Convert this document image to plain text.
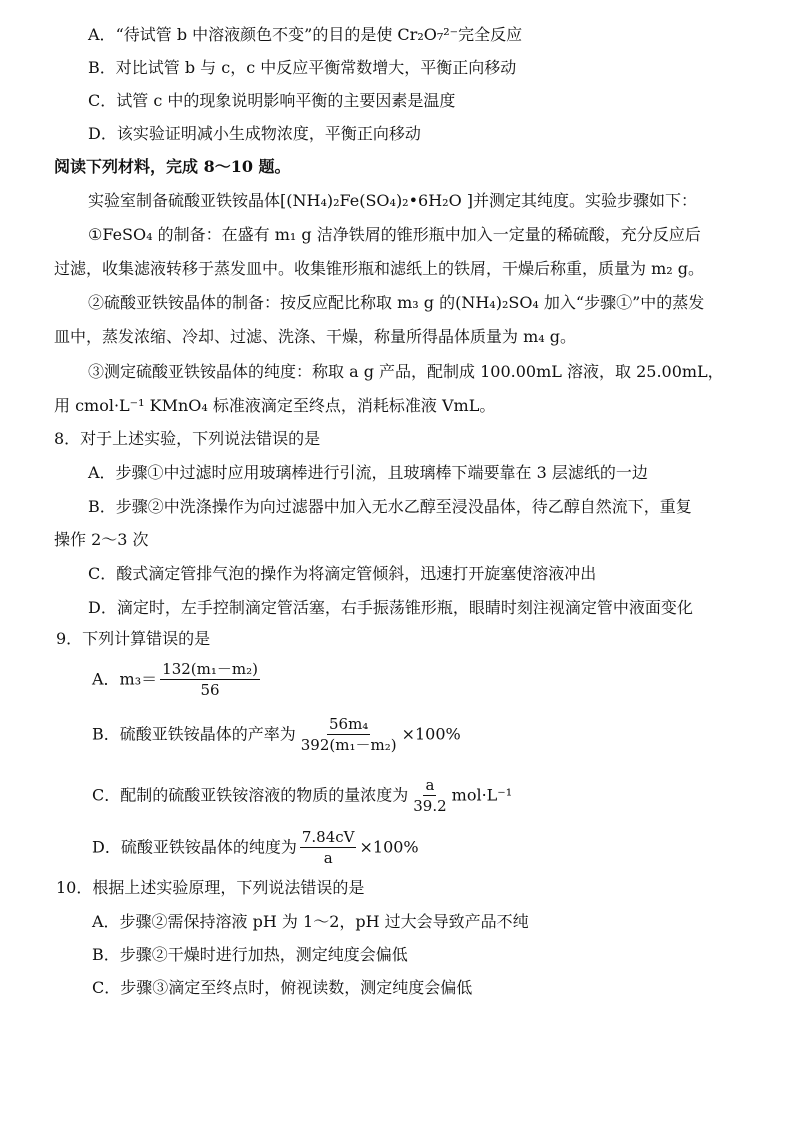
A．“待试管 b 中溶液颜色不变”的目的是使 Cr₂O₇²⁻完全反应
B．对比试管 b 与 c，c 中反应平衡常数增大，平衡正向移动
C．试管 c 中的现象说明影响平衡的主要因素是温度
D．该实验证明减小生成物浓度，平衡正向移动
阅读下列材料，完成 8～10 题。
实验室制备硫酸亚铁铵晶体[(NH₄)₂Fe(SO₄)₂•6H₂O ]并测定其纯度。实验步骤如下：
①FeSO₄ 的制备：在盛有 m₁ g 洁净铁屑的锥形瓶中加入一定量的稀硫酸，充分反应后
过滤，收集滤液转移于蒸发皿中。收集锥形瓶和滤纸上的铁屑，干燥后称重，质量为 m₂ g。
②硫酸亚铁铵晶体的制备：按反应配比称取 m₃ g 的(NH₄)₂SO₄ 加入“步骤①”中的蒸发
皿中，蒸发浓缩、冷却、过滤、洗涤、干燥，称量所得晶体质量为 m₄ g。
③测定硫酸亚铁铵晶体的纯度：称取 a g 产品，配制成 100.00mL 溶液，取 25.00mL，
用 cmol·L⁻¹ KMnO₄ 标准液滴定至终点，消耗标准液 VmL。
8．对于上述实验，下列说法错误的是
A．步骤①中过滤时应用玻璃棒进行引流，且玻璃棒下端要靠在 3 层滤纸的一边
B．步骤②中洗涤操作为向过滤器中加入无水乙醇至浸没晶体，待乙醇自然流下，重复
操作 2～3 次
C．酸式滴定管排气泡的操作为将滴定管倾斜，迅速打开旋塞使溶液冲出
D．滴定时，左手控制滴定管活塞，右手振荡锥形瓶，眼睛时刻注视滴定管中液面变化
9．下列计算错误的是
A．$m_3= \frac{\text{132(m₁－m₂)}}{56}$
B．硫酸亚铁铵晶体的产率为 $\frac{\text{56m₄}}{\text{392(m₁－m₂)}} \times 100\%$
C．配制的硫酸亚铁铵溶液的物质的量浓度为 $\frac{a}{39.2} mol\cdot L^{-1}$
D．硫酸亚铁铵晶体的纯度为 $\frac{7.84cV}{a} \times 100\%$
10．根据上述实验原理，下列说法错误的是
A．步骤②需保持溶液 pH 为 1～2，pH 过大会导致产品不纯
B．步骤②干燥时进行加热，测定纯度会偏低
C．步骤③滴定至终点时，俯视读数，测定纯度会偏低
